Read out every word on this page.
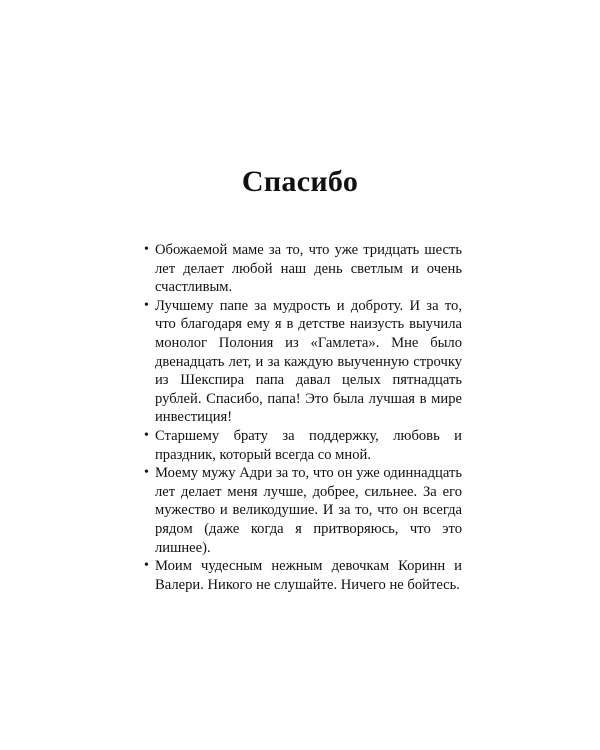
Спасибо
• Обожаемой маме за то, что уже тридцать шесть лет делает любой наш день светлым и очень счастливым.
• Лучшему папе за мудрость и доброту. И за то, что благодаря ему я в детстве наизусть выучила монолог Полония из «Гамлета». Мне было двенадцать лет, и за каждую выученную строчку из Шекспира папа давал целых пятнадцать рублей. Спасибо, папа! Это была лучшая в мире инвестиция!
• Старшему брату за поддержку, любовь и праздник, который всегда со мной.
• Моему мужу Адри за то, что он уже одиннадцать лет делает меня лучше, добрее, сильнее. За его мужество и великодушие. И за то, что он всегда рядом (даже когда я притворяюсь, что это лишнее).
• Моим чудесным нежным девочкам Коринн и Валери. Никого не слушайте. Ничего не бойтесь.
